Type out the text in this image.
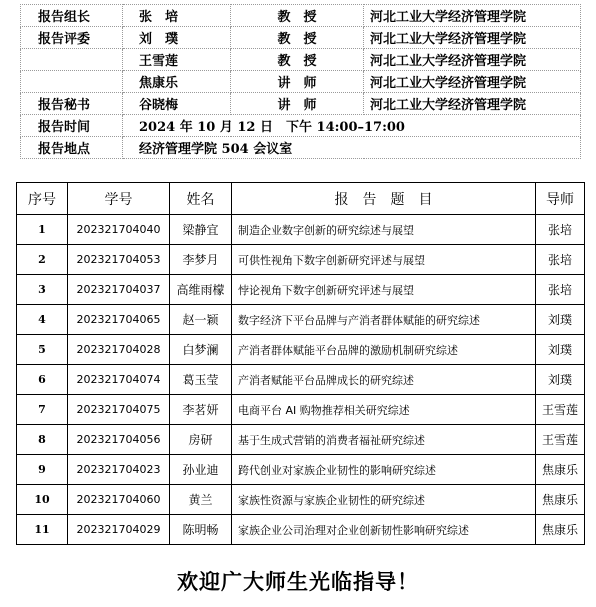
报告组长	张　培	教　授	河北工业大学经济管理学院
报告评委	刘　璞	教　授	河北工业大学经济管理学院
	王雪莲	教　授	河北工业大学经济管理学院
	焦康乐	讲　师	河北工业大学经济管理学院
报告秘书	谷晓梅	讲　师	河北工业大学经济管理学院
报告时间	2024 年 10 月 12 日　下午 14:00–17:00		
报告地点	经济管理学院 504 会议室		
序号	学号	姓名	报　告　题　目	导师
1	202321704040	梁静宜	制造企业数字创新的研究综述与展望	张培
2	202321704053	李梦月	可供性视角下数字创新研究评述与展望	张培
3	202321704037	高维雨檬	悖论视角下数字创新研究评述与展望	张培
4	202321704065	赵一颖	数字经济下平台品牌与产消者群体赋能的研究综述	刘璞
5	202321704028	白梦澜	产消者群体赋能平台品牌的激励机制研究综述	刘璞
6	202321704074	葛玉莹	产消者赋能平台品牌成长的研究综述	刘璞
7	202321704075	李茗妍	电商平台 AI 购物推荐相关研究综述	王雪莲
8	202321704056	房研	基于生成式营销的消费者福祉研究综述	王雪莲
9	202321704023	孙业迪	跨代创业对家族企业韧性的影响研究综述	焦康乐
10	202321704060	黄兰	家族性资源与家族企业韧性的研究综述	焦康乐
11	202321704029	陈明畅	家族企业公司治理对企业创新韧性影响研究综述	焦康乐
欢迎广大师生光临指导！
